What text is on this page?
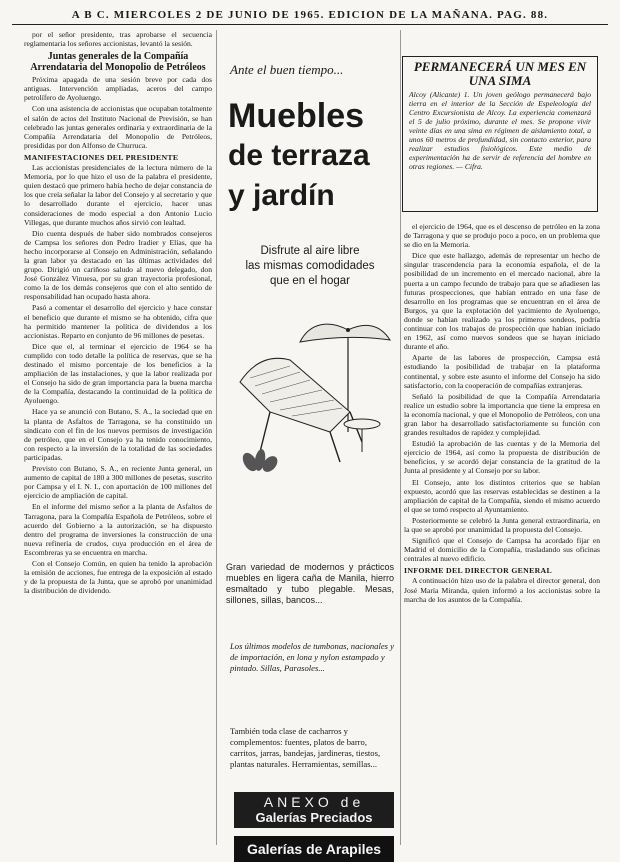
A B C. MIERCOLES 2 DE JUNIO DE 1965. EDICION DE LA MAÑANA. PAG. 88.

por el señor presidente, tras aprobarse el secuencia reglamentaria los señores accionistas, levantó la sesión.

Juntas generales de la Compañía Arrendataria del Monopolio de Petróleos

Próxima apagada de una sesión breve por cada dos antiguas. Intervención ampliadas, aceros del campo petrolífero de Ayoluengo.

Con una asistencia de accionistas que ocupaban totalmente el salón de actos del Instituto Nacional de Previsión, se han celebrado las juntas generales ordinaria y extraordinaria de la Compañía Arrendataria del Monopolio de Petróleos, presididas por don Alfonso de Churruca.

MANIFESTACIONES DEL PRESIDENTE

Las accionistas presidenciales de la lectura número de la Memoria, por lo que hizo el uso de la palabra el presidente, quien destacó que primero había hecho de dejar constancia de los que creía señalar la labor del Consejo y al secretario y que lo desarrollado durante el ejercicio, hacer unas consideraciones de modo especial a don Antonio Lucio Villegas, que durante muchos años sirvió con lealtad.

Dio cuenta después de haber sido nombrados consejeros de Campsa los señores don Pedro Iradier y Elías, que ha hecho incorporarse al Consejo en Administración, señalando la gran labor ya destacado en las últimas actividades del grupo. Dirigió un cariñoso saludo al nuevo delegado, don José González Vinuesa, por su gran trayectoria profesional, como la de los demás consejeros que con el alto sentido de responsabilidad han ocupado hasta ahora.

Pasó a comentar el desarrollo del ejercicio y hace constar el beneficio que durante el mismo se ha obtenido, cifra que ha permitido mantener la política de dividendos a los accionistas. Reparto en conjunto de 96 millones de pesetas.

Dice que el, al terminar el ejercicio de 1964 se ha cumplido con todo detalle la política de reservas, que se ha destinado el mismo porcentaje de los beneficios a la ampliación de las instalaciones, y que la labor realizada por el Consejo ha sido de gran importancia para la buena marcha de la Compañía, destacando la continuidad de la política de Ayoluengo.

Hace ya se anunció con Butano, S. A., la sociedad que en la planta de Asfaltos de Tarragona, se ha constituido un sindicato con el fin de los nuevos permisos de investigación de petróleo, que en el Consejo ya ha tenido conocimiento, con respecto a la inversión de la totalidad de las sociedades participadas.

Previsto con Butano, S. A., en reciente Junta general, un aumento de capital de 180 a 300 millones de pesetas, suscrito por Campsa y el I. N. I., con aportación de 100 millones del ejercicio de ampliación de capital.

En el informe del mismo señor a la planta de Asfaltos de Tarragona, para la Compañía Española de Petróleos, sobre el acuerdo del Gobierno a la autorización, se ha dispuesto dentro del programa de inversiones la construcción de una nueva refinería de crudos, cuya producción en el área de Escombreras ya se encuentra en marcha.

Con el Consejo Común, en quien ha tenido la aprobación la emisión de acciones, fue entrega de la exposición al estado y de la propuesta de la Junta, que se aprobó por unanimidad la distribución de dividendo.

Ante el buen tiempo...
Muebles
de terraza
y jardín
Disfrute al aire libre
las mismas comodidades
que en el hogar
Gran variedad de modernos y prácticos muebles en ligera caña de Manila, hierro esmaltado y tubo plegable. Mesas, sillones, sillas, bancos...
Los últimos modelos de tumbonas, nacionales y de importación, en lona y nylon estampado y pintado. Sillas, Parasoles...
También toda clase de cacharros y complementos: fuentes, platos de barro, carritos, jarras, bandejas, jardineras, tiestos, plantas naturales. Herramientas, semillas...
ANEXO de
Galerías Preciados
Galerías de Arapiles
PERMANECERÁ UN MES EN UNA SIMA

Alcoy (Alicante) 1. Un joven geólogo permanecerá bajo tierra en el interior de la Sección de Espeleología del Centro Excursionista de Alcoy. La experiencia comenzará el 5 de julio próximo, durante el mes. Se propone vivir veinte días en una sima en régimen de aislamiento total, a unos 60 metros de profundidad, sin contacto exterior, para realizar estudios fisiológicos. Este medio de experimentación ha de servir de referencia del hombre en otras regiones. — Cifra.

el ejercicio de 1964, que es el descenso de petróleo en la zona de Tarragona y que se produjo poco a poco, en un problema que se dio en la Memoria.

Dice que este hallazgo, además de representar un hecho de singular trascendencia para la economía española, el de la posibilidad de un incremento en el mercado nacional, abre la puerta a un campo fecundo de trabajo para que se añadiesen las futuras prospecciones, que habían entrado en una fase de desarrollo en los programas que se encuentran en el área de Burgos, ya que la explotación del yacimiento de Ayoluengo, donde se habían realizado ya los primeros sondeos, podría continuar con los trabajos de prospección que habían iniciado en 1962, así como nuevos sondeos que se hayan iniciado durante el año.

Aparte de las labores de prospección, Campsa está estudiando la posibilidad de trabajar en la plataforma continental, y sobre este asunto el informe del Consejo ha sido satisfactorio, con la cooperación de compañías extranjeras.

Señaló la posibilidad de que la Compañía Arrendataria realice un estudio sobre la importancia que tiene la empresa en la economía nacional, y que el Monopolio de Petróleos, con una gran labor ha desarrollado satisfactoriamente su función con grandes resultados de rapidez y complejidad.

Estudió la aprobación de las cuentas y de la Memoria del ejercicio de 1964, así como la propuesta de distribución de beneficios, y se acordó dejar constancia de la gratitud de la Junta al presidente y al Consejo por su labor.

El Consejo, ante los distintos criterios que se habían expuesto, acordó que las reservas establecidas se destinen a la ampliación de capital de la Compañía, siendo el mismo acuerdo el que se tomó respecto al Ayuntamiento.

Posteriormente se celebró la Junta general extraordinaria, en la que se aprobó por unanimidad la propuesta del Consejo.

Significó que el Consejo de Campsa ha acordado fijar en Madrid el domicilio de la Compañía, trasladando sus oficinas centrales al nuevo edificio.

INFORME DEL DIRECTOR GENERAL

A continuación hizo uso de la palabra el director general, don José María Miranda, quien informó a los accionistas sobre la marcha de los asuntos de la Compañía.
